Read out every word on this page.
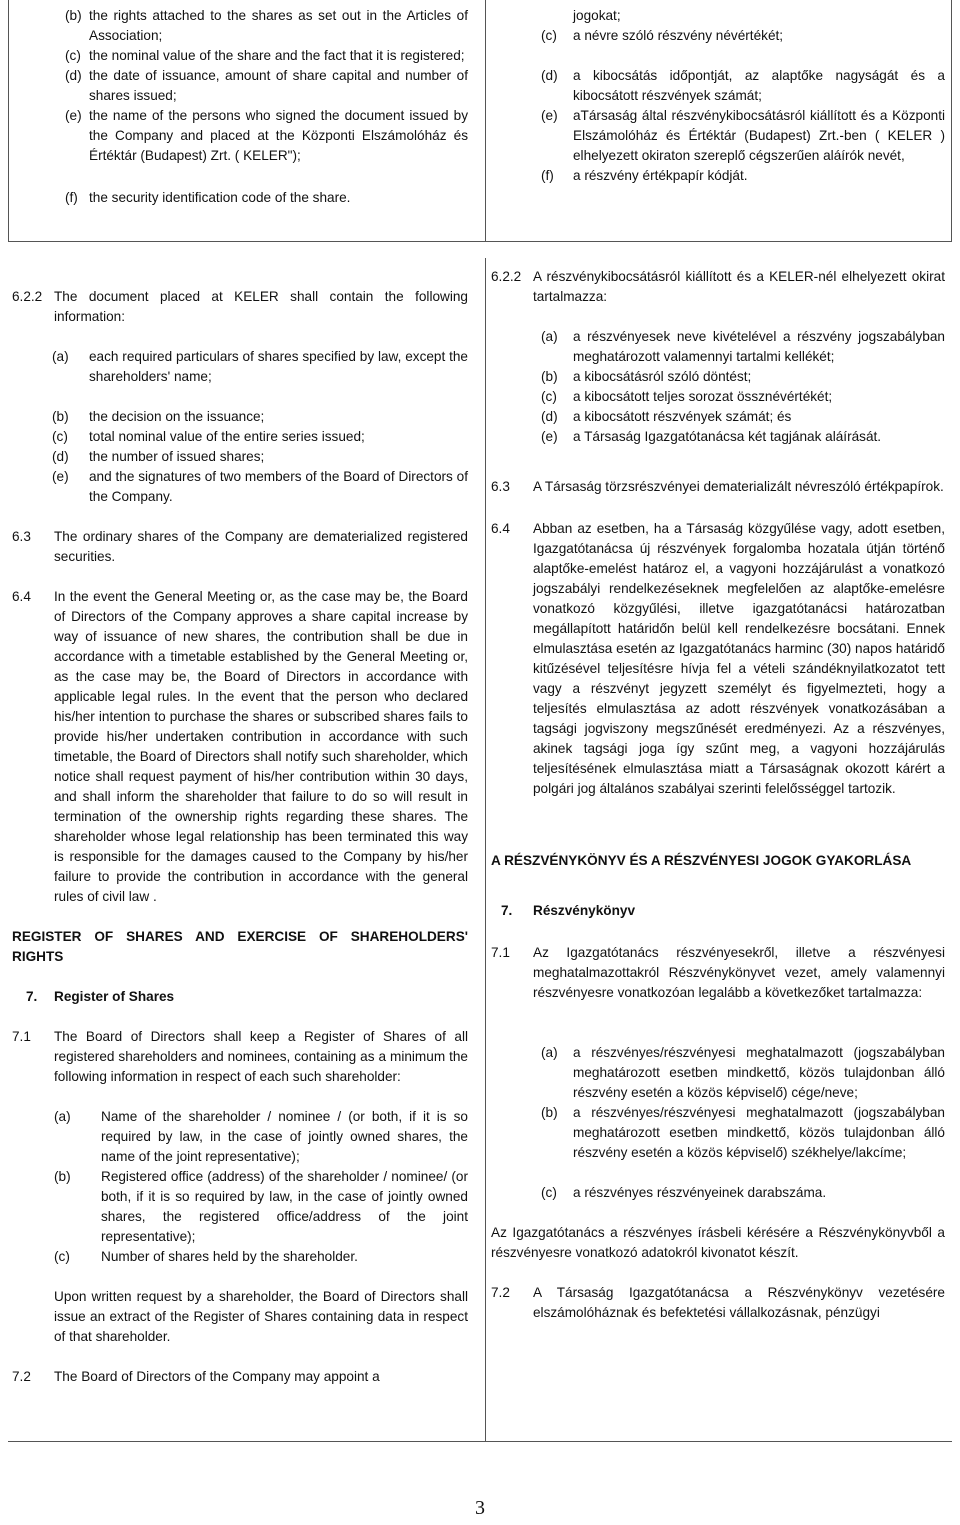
(b) the rights attached to the shares as set out in the Articles of Association;
(c) the nominal value of the share and the fact that it is registered;
(d) the date of issuance, amount of share capital and number of shares issued;
(e) the name of the persons who signed the document issued by the Company and placed at the Központi Elszámolóház és Értéktár (Budapest) Zrt. ( KELER");
(f) the security identification code of the share.
jogokat;
(c) a névre szóló részvény névértékét;
(d) a kibocsátás időpontját, az alaptőke nagyságát és a kibocsátott részvények számát;
(e) aTársaság által részvénykibocsátásról kiállított és a Központi Elszámolóház és Értéktár (Budapest) Zrt.-ben ( KELER ) elhelyezett okiraton szereplő cégszerűen aláírók nevét,
(f) a részvény értékpapír kódját.
6.2.2 The document placed at KELER shall contain the following information:
(a) each required particulars of shares specified by law, except the shareholders' name;
(b) the decision on the issuance;
(c) total nominal value of the entire series issued;
(d) the number of issued shares;
(e) and the signatures of two members of the Board of Directors of the Company.
6.3 The ordinary shares of the Company are dematerialized registered securities.
6.4 In the event the General Meeting or, as the case may be, the Board of Directors of the Company approves a share capital increase by way of issuance of new shares, the contribution shall be due in accordance with a timetable established by the General Meeting or, as the case may be, the Board of Directors in accordance with applicable legal rules. In the event that the person who declared his/her intention to purchase the shares or subscribed shares fails to provide his/her undertaken contribution in accordance with such timetable, the Board of Directors shall notify such shareholder, which notice shall request payment of his/her contribution within 30 days, and shall inform the shareholder that failure to do so will result in termination of the ownership rights regarding these shares. The shareholder whose legal relationship has been terminated this way is responsible for the damages caused to the Company by his/her failure to provide the contribution in accordance with the general rules of civil law .
REGISTER OF SHARES AND EXERCISE OF SHAREHOLDERS' RIGHTS
7. Register of Shares
7.1 The Board of Directors shall keep a Register of Shares of all registered shareholders and nominees, containing as a minimum the following information in respect of each such shareholder:
(a) Name of the shareholder / nominee / (or both, if it is so required by law, in the case of jointly owned shares, the name of the joint representative);
(b) Registered office (address) of the shareholder / nominee/ (or both, if it is so required by law, in the case of jointly owned shares, the registered office/address of the joint representative);
(c) Number of shares held by the shareholder.
Upon written request by a shareholder, the Board of Directors shall issue an extract of the Register of Shares containing data in respect of that shareholder.
7.2 The Board of Directors of the Company may appoint a
6.2.2 A részvénykibocsátásról kiállított és a KELER-nél elhelyezett okirat tartalmazza:
(a) a részvényesek neve kivételével a részvény jogszabályban meghatározott valamennyi tartalmi kellékét;
(b) a kibocsátásról szóló döntést;
(c) a kibocsátott teljes sorozat össznévértékét;
(d) a kibocsátott részvények számát; és
(e) a Társaság Igazgatótanácsa két tagjának aláírását.
6.3 A Társaság törzsrészvényei dematerializált névreszóló értékpapírok.
6.4 Abban az esetben, ha a Társaság közgyűlése vagy, adott esetben, Igazgatótanácsa új részvények forgalomba hozatala útján történő alaptőke-emelést határoz el, a vagyoni hozzájárulást a vonatkozó jogszabályi rendelkezéseknek megfelelően az alaptőke-emelésre vonatkozó közgyűlési, illetve igazgatótanácsi határozatban megállapított határidőn belül kell rendelkezésre bocsátani. Ennek elmulasztása esetén az Igazgatótanács harminc (30) napos határidő kitűzésével teljesítésre hívja fel a vételi szándéknyilatkozatot tett vagy a részvényt jegyzett személyt és figyelmezteti, hogy a teljesítés elmulasztása az adott részvények vonatkozásában a tagsági jogviszony megszűnését eredményezi. Az a részvényes, akinek tagsági joga így szűnt meg, a vagyoni hozzájárulás teljesítésének elmulasztása miatt a Társaságnak okozott kárért a polgári jog általános szabályai szerinti felelősséggel tartozik.
A RÉSZVÉNYKÖNYV ÉS A RÉSZVÉNYESI JOGOK GYAKORLÁSA
7. Részvénykönyv
7.1 Az Igazgatótanács részvényesekről, illetve a részvényesi meghatalmazottakról Részvénykönyvet vezet, amely valamennyi részvényesre vonatkozóan legalább a következőket tartalmazza:
(a) a részvényes/részvényesi meghatalmazott (jogszabályban meghatározott esetben mindkettő, közös tulajdonban álló részvény esetén a közös képviselő) cége/neve;
(b) a részvényes/részvényesi meghatalmazott (jogszabályban meghatározott esetben mindkettő, közös tulajdonban álló részvény esetén a közös képviselő) székhelye/lakcíme;
(c) a részvényes részvényeinek darabszáma.
Az Igazgatótanács a részvényes írásbeli kérésére a Részvénykönyvből a részvényesre vonatkozó adatokról kivonatot készít.
7.2 A Társaság Igazgatótanácsa a Részvénykönyv vezetésére elszámolóháznak és befektetési vállalkozásnak, pénzügyi
3
